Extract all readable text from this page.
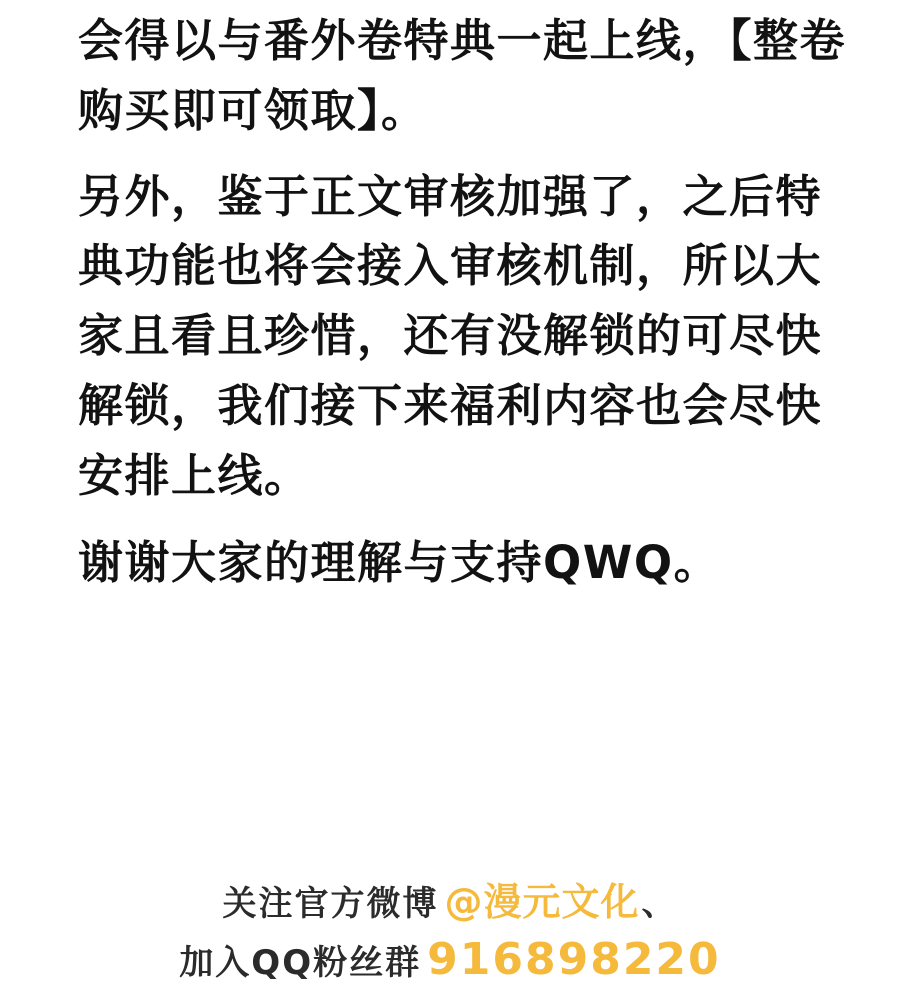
会得以与番外卷特典一起上线，【整卷购买即可领取】。

另外，鉴于正文审核加强了，之后特典功能也将会接入审核机制，所以大家且看且珍惜，还有没解锁的可尽快解锁，我们接下来福利内容也会尽快安排上线。

谢谢大家的理解与支持QWQ。

关注官方微博 @漫元文化 、
加入QQ粉丝群 916898220
